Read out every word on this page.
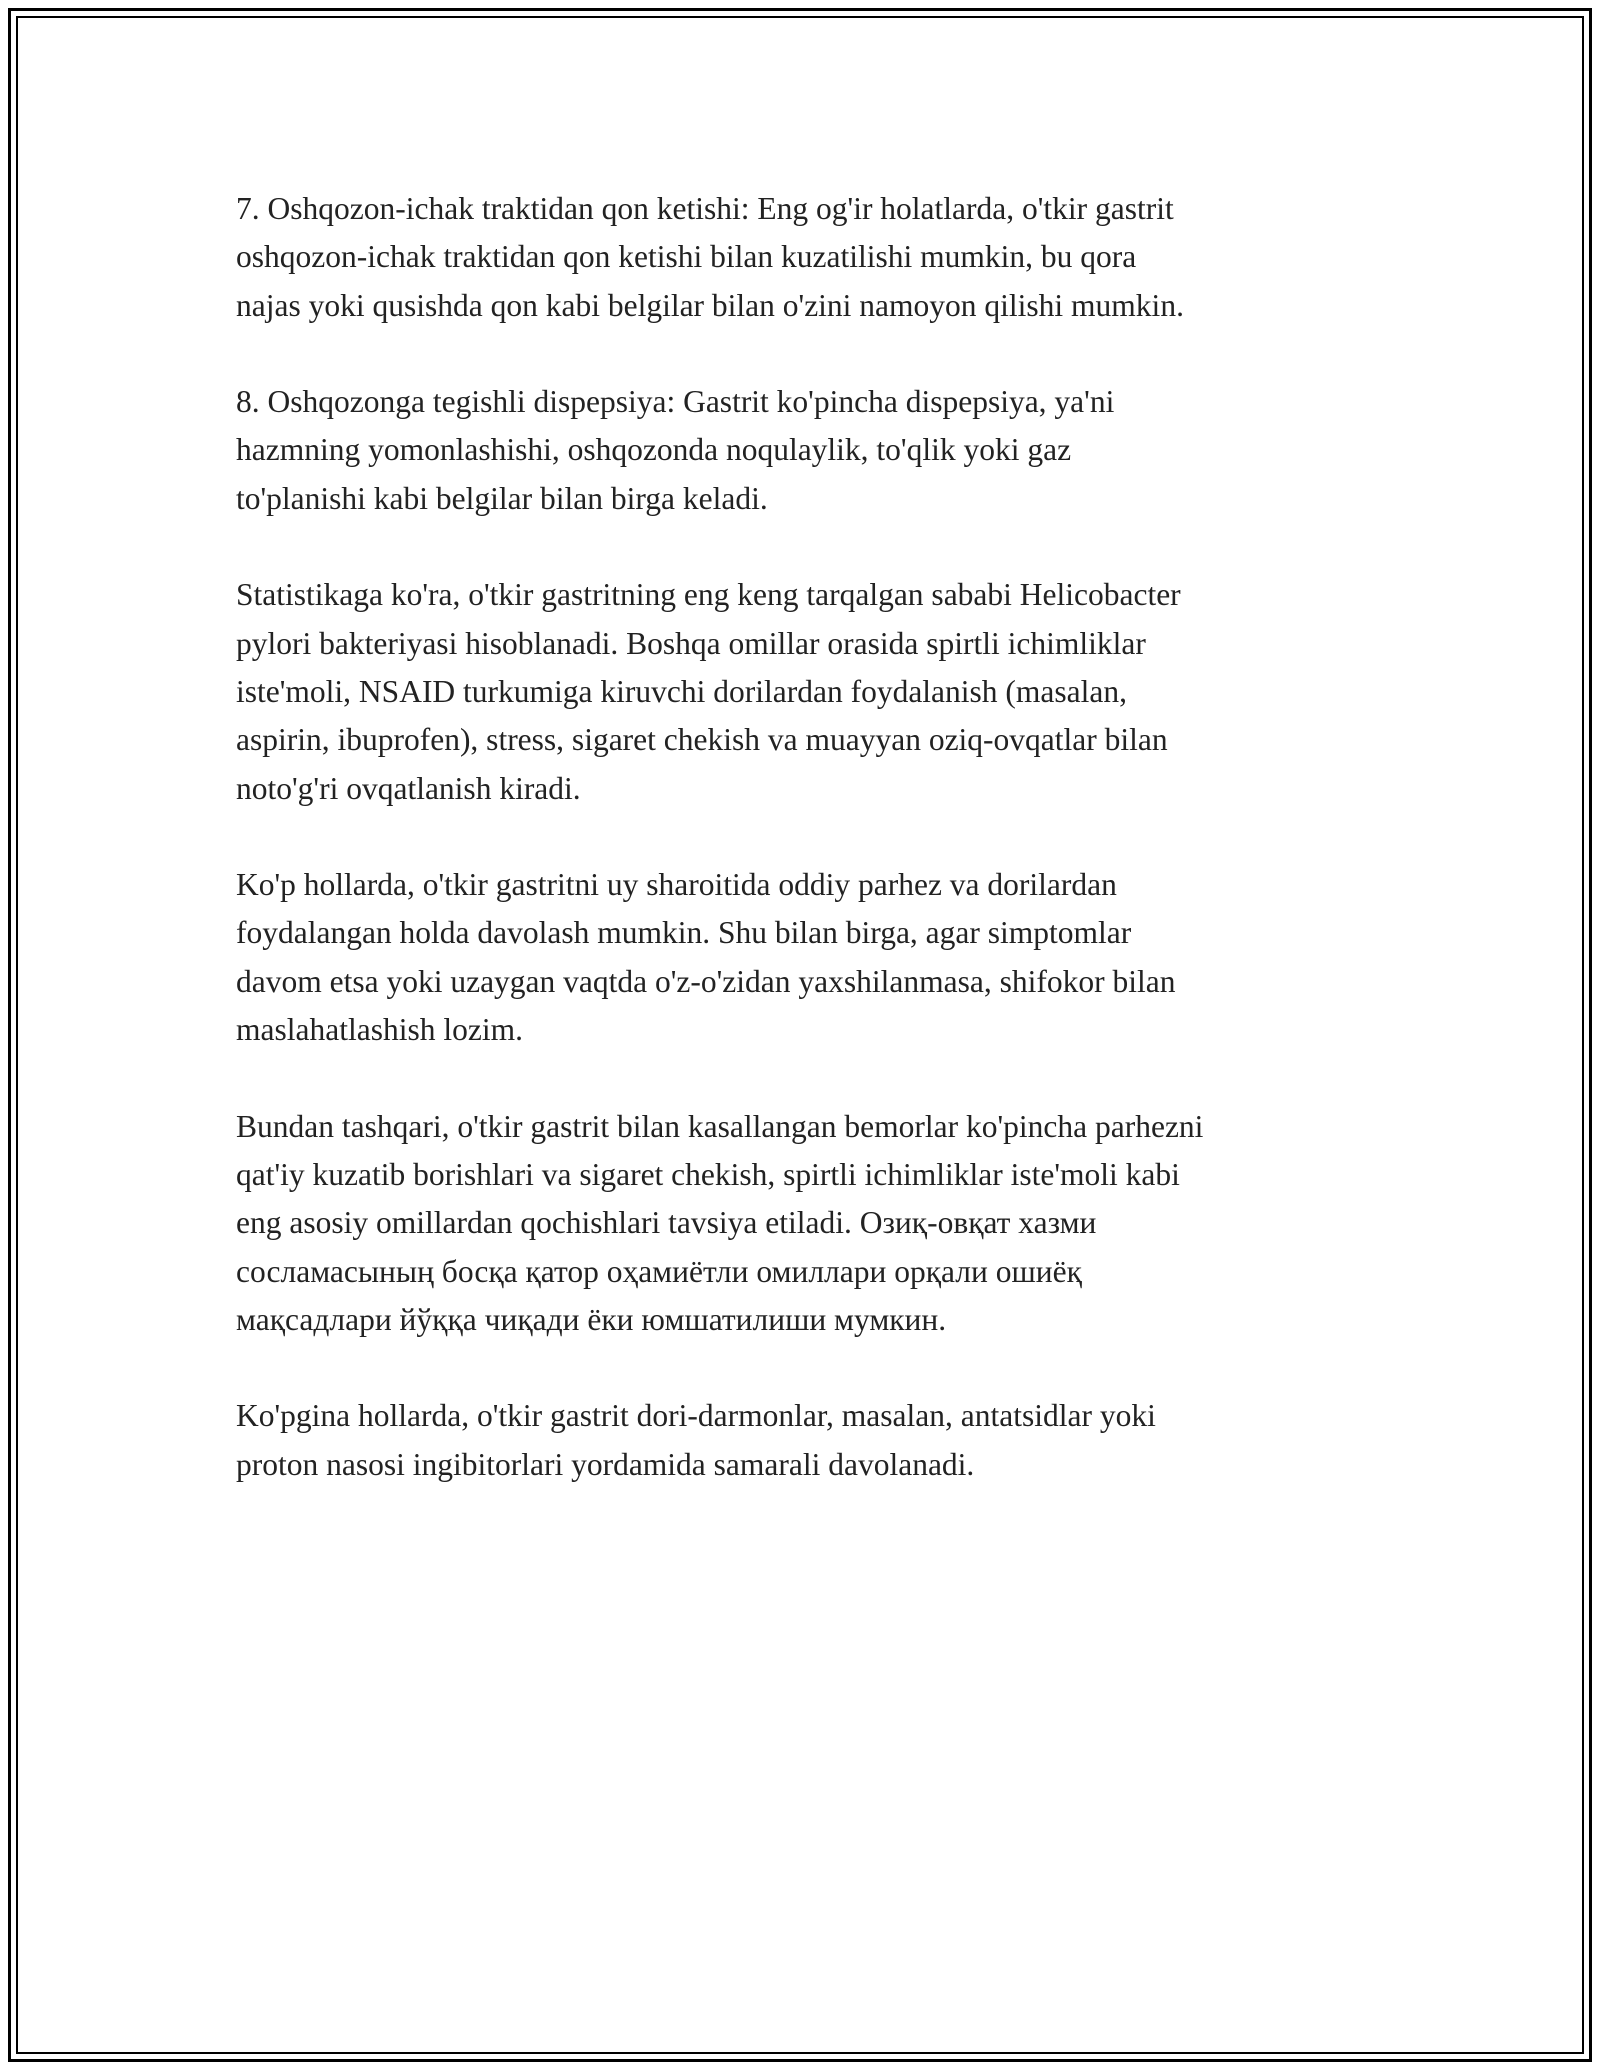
7. Oshqozon-ichak traktidan qon ketishi: Eng og'ir holatlarda, o'tkir gastrit
oshqozon-ichak traktidan qon ketishi bilan kuzatilishi mumkin, bu qora
najas yoki qusishda qon kabi belgilar bilan o'zini namoyon qilishi mumkin.

8. Oshqozonga tegishli dispepsiya: Gastrit ko'pincha dispepsiya, ya'ni
hazmning yomonlashishi, oshqozonda noqulaylik, to'qlik yoki gaz
to'planishi kabi belgilar bilan birga keladi.

Statistikaga ko'ra, o'tkir gastritning eng keng tarqalgan sababi Helicobacter
pylori bakteriyasi hisoblanadi. Boshqa omillar orasida spirtli ichimliklar
iste'moli, NSAID turkumiga kiruvchi dorilardan foydalanish (masalan,
aspirin, ibuprofen), stress, sigaret chekish va muayyan oziq-ovqatlar bilan
noto'g'ri ovqatlanish kiradi.

Ko'p hollarda, o'tkir gastritni uy sharoitida oddiy parhez va dorilardan
foydalangan holda davolash mumkin. Shu bilan birga, agar simptomlar
davom etsa yoki uzaygan vaqtda o'z-o'zidan yaxshilanmasa, shifokor bilan
maslahatlashish lozim.

Bundan tashqari, o'tkir gastrit bilan kasallangan bemorlar ko'pincha parhezni
qat'iy kuzatib borishlari va sigaret chekish, spirtli ichimliklar iste'moli kabi
eng asosiy omillardan qochishlari tavsiya etiladi. Озиқ-овқат хазми
сосламасының босқа қатор оҳамиётли омиллари орқали ошиёқ
мақсадлари йўққа чиқади ёки юмшатилиши мумкин.

Ko'pgina hollarda, o'tkir gastrit dori-darmonlar, masalan, antatsidlar yoki
proton nasosi ingibitorlari yordamida samarali davolanadi.
